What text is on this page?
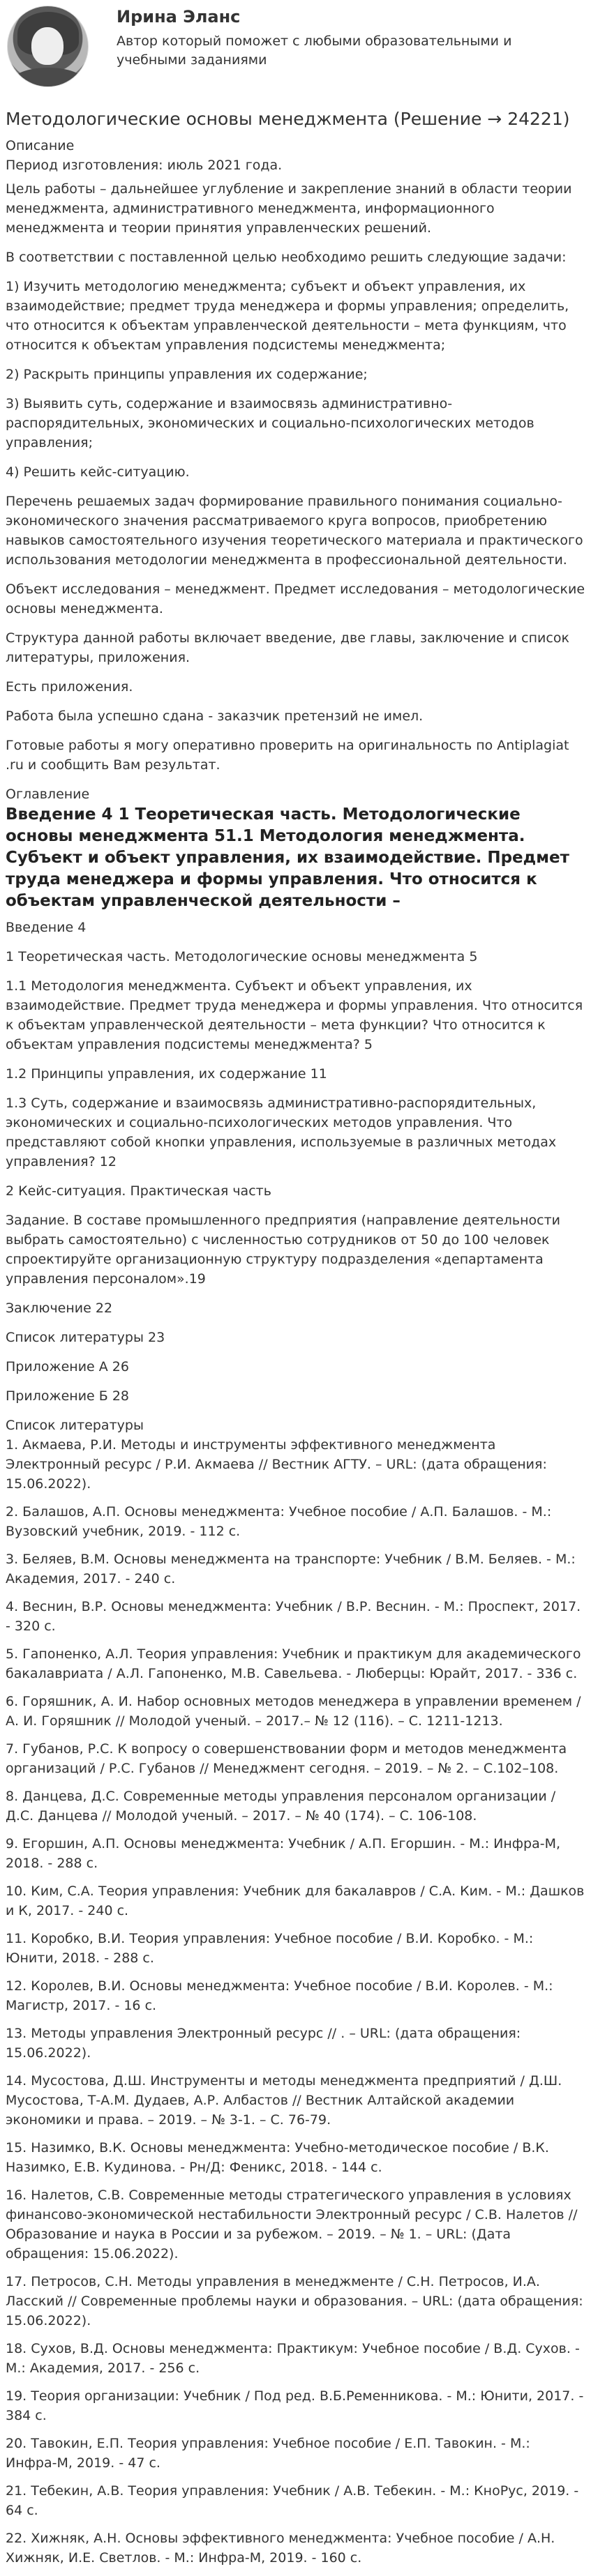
Ирина Эланс
Автор который поможет с любыми образовательными и учебными заданиями
Методологические основы менеджмента (Решение → 24221)
Описание

Период изготовления: июль 2021 года.

Цель работы – дальнейшее углубление и закрепление знаний в области теории менеджмента, административного менеджмента, информационного менеджмента и теории принятия управленческих решений.

В соответствии с поставленной целью необходимо решить следующие задачи:

1) Изучить методологию менеджмента; субъект и объект управления, их взаимодействие; предмет труда менеджера и формы управления; определить, что относится к объектам управленческой деятельности – мета функциям, что относится к объектам управления подсистемы менеджмента;

2) Раскрыть принципы управления их содержание;

3) Выявить суть, содержание и взаимосвязь административно-распорядительных, экономических и социально-психологических методов управления;

4) Решить кейс-ситуацию.

Перечень решаемых задач формирование правильного понимания социально-экономического значения рассматриваемого круга вопросов, приобретению навыков самостоятельного изучения теоретического материала и практического использования методологии менеджмента в профессиональной деятельности.

Объект исследования – менеджмент. Предмет исследования – методологические основы менеджмента.

Структура данной работы включает введение, две главы, заключение и список литературы, приложения.

Есть приложения.

Работа была успешно сдана - заказчик претензий не имел.

Готовые работы я могу оперативно проверить на оригинальность по Antiplagiat .ru и сообщить Вам результат.

Оглавление
Введение 4 1 Теоретическая часть. Методологические основы менеджмента 51.1 Методология менеджмента. Субъект и объект управления, их взаимодействие. Предмет труда менеджера и формы управления. Что относится к объектам управленческой деятельности –

Введение 4

1 Теоретическая часть. Методологические основы менеджмента 5

1.1 Методология менеджмента. Субъект и объект управления, их взаимодействие. Предмет труда менеджера и формы управления. Что относится к объектам управленческой деятельности – мета функции? Что относится к объектам управления подсистемы менеджмента? 5

1.2 Принципы управления, их содержание 11

1.3 Суть, содержание и взаимосвязь административно-распорядительных, экономических и социально-психологических методов управления. Что представляют собой кнопки управления, используемые в различных методах управления? 12

2 Кейс-ситуация. Практическая часть

Задание. В составе промышленного предприятия (направление деятельности выбрать самостоятельно) с численностью сотрудников от 50 до 100 человек спроектируйте организационную структуру подразделения «департамента управления персоналом».19

Заключение 22

Список литературы 23

Приложение А 26

Приложение Б 28

Список литературы

1. Акмаева, Р.И. Методы и инструменты эффективного менеджмента Электронный ресурс / Р.И. Акмаева // Вестник АГТУ. – URL: (дата обращения: 15.06.2022).

2. Балашов, А.П. Основы менеджмента: Учебное пособие / А.П. Балашов. - М.: Вузовский учебник, 2019. - 112 c.

3. Беляев, В.М. Основы менеджмента на транспорте: Учебник / В.М. Беляев. - М.: Академия, 2017. - 240 c.

4. Веснин, В.Р. Основы менеджмента: Учебник / В.Р. Веснин. - М.: Проспект, 2017. - 320 c.

5. Гапоненко, А.Л. Теория управления: Учебник и практикум для академического бакалавриата / А.Л. Гапоненко, М.В. Савельева. - Люберцы: Юрайт, 2017. - 336 c.

6. Горяшник, А. И. Набор основных методов менеджера в управлении временем / А. И. Горяшник // Молодой ученый. – 2017.– № 12 (116). – С. 1211-1213.

7. Губанов, Р.С. К вопросу о совершенствовании форм и методов менеджмента организаций / Р.С. Губанов // Менеджмент сегодня. – 2019. – № 2. – С.102–108.

8. Данцева, Д.С. Современные методы управления персоналом организации / Д.С. Данцева // Молодой ученый. – 2017. – № 40 (174). – С. 106-108.

9. Егоршин, А.П. Основы менеджмента: Учебник / А.П. Егоршин. - М.: Инфра-М, 2018. - 288 c.

10. Ким, С.А. Теория управления: Учебник для бакалавров / С.А. Ким. - М.: Дашков и К, 2017. - 240 c.

11. Коробко, В.И. Теория управления: Учебное пособие / В.И. Коробко. - М.: Юнити, 2018. - 288 c.

12. Королев, В.И. Основы менеджмента: Учебное пособие / В.И. Королев. - М.: Магистр, 2017. - 16 c.

13. Методы управления Электронный ресурс // . – URL: (дата обращения: 15.06.2022).

14. Мусостова, Д.Ш. Инструменты и методы менеджмента предприятий / Д.Ш. Мусостова, Т-А.М. Дудаев, А.Р. Албастов // Вестник Алтайской академии экономики и права. – 2019. – № 3-1. – С. 76-79.

15. Назимко, В.К. Основы менеджмента: Учебно-методическое пособие / В.К. Назимко, Е.В. Кудинова. - Рн/Д: Феникс, 2018. - 144 c.

16. Налетов, С.В. Современные методы стратегического управления в условиях финансово-экономической нестабильности Электронный ресурс / С.В. Налетов // Образование и наука в России и за рубежом. – 2019. – № 1. – URL: (Дата обращения: 15.06.2022).

17. Петросов, С.Н. Методы управления в менеджменте / С.Н. Петросов, И.А. Ласский // Современные проблемы науки и образования. – URL: (дата обращения: 15.06.2022).

18. Сухов, В.Д. Основы менеджмента: Практикум: Учебное пособие / В.Д. Сухов. - М.: Академия, 2017. - 256 c.

19. Теория организации: Учебник / Под ред. В.Б.Ременникова. - М.: Юнити, 2017. - 384 c.

20. Тавокин, Е.П. Теория управления: Учебное пособие / Е.П. Тавокин. - М.: Инфра-М, 2019. - 47 c.

21. Тебекин, А.В. Теория управления: Учебник / А.В. Тебекин. - М.: КноРус, 2019. - 64 c.

22. Хижняк, А.Н. Основы эффективного менеджмента: Учебное пособие / А.Н. Хижняк, И.Е. Светлов. - М.: Инфра-М, 2019. - 160 c.
